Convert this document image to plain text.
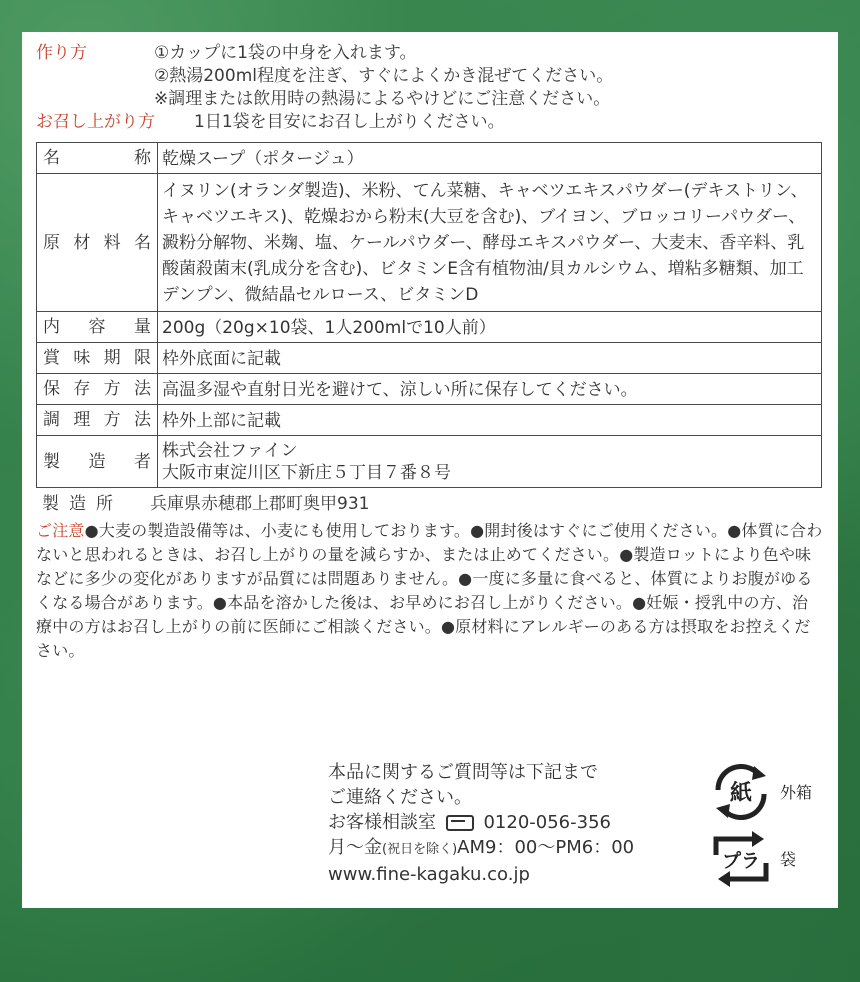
作り方	①カップに1袋の中身を入れます。
②熱湯200ml程度を注ぎ、すぐによくかき混ぜてください。
※調理または飲用時の熱湯によるやけどにご注意ください。
お召し上がり方	1日1袋を目安にお召し上がりください。
名称	乾燥スープ（ポタージュ）
原材料名	イヌリン(オランダ製造)、米粉、てん菜糖、キャベツエキスパウダー(デキストリン、キャベツエキス)、乾燥おから粉末(大豆を含む)、ブイヨン、ブロッコリーパウダー、澱粉分解物、米麹、塩、ケールパウダー、酵母エキスパウダー、大麦末、香辛料、乳酸菌殺菌末(乳成分を含む)、ビタミンE含有植物油/貝カルシウム、増粘多糖類、加工デンプン、微結晶セルロース、ビタミンD
内容量	200g（20g×10袋、1人200mlで10人前）
賞味期限	枠外底面に記載
保存方法	高温多湿や直射日光を避けて、涼しい所に保存してください。
調理方法	枠外上部に記載
製造者	株式会社ファイン
大阪市東淀川区下新庄５丁目７番８号
製造所	兵庫県赤穂郡上郡町奥甲931
ご注意●大麦の製造設備等は、小麦にも使用しております。●開封後はすぐにご使用ください。●体質に合わないと思われるときは、お召し上がりの量を減らすか、または止めてください。●製造ロットにより色や味などに多少の変化がありますが品質には問題ありません。●一度に多量に食べると、体質によりお腹がゆるくなる場合があります。●本品を溶かした後は、お早めにお召し上がりください。●妊娠・授乳中の方、治療中の方はお召し上がりの前に医師にご相談ください。●原材料にアレルギーのある方は摂取をお控えください。
本品に関するご質問等は下記まで
ご連絡ください。
お客様相談室	0120-056-356
月～金(祝日を除く)AM9：00～PM6：00
www.fine-kagaku.co.jp
紙 外箱
プラ 袋
